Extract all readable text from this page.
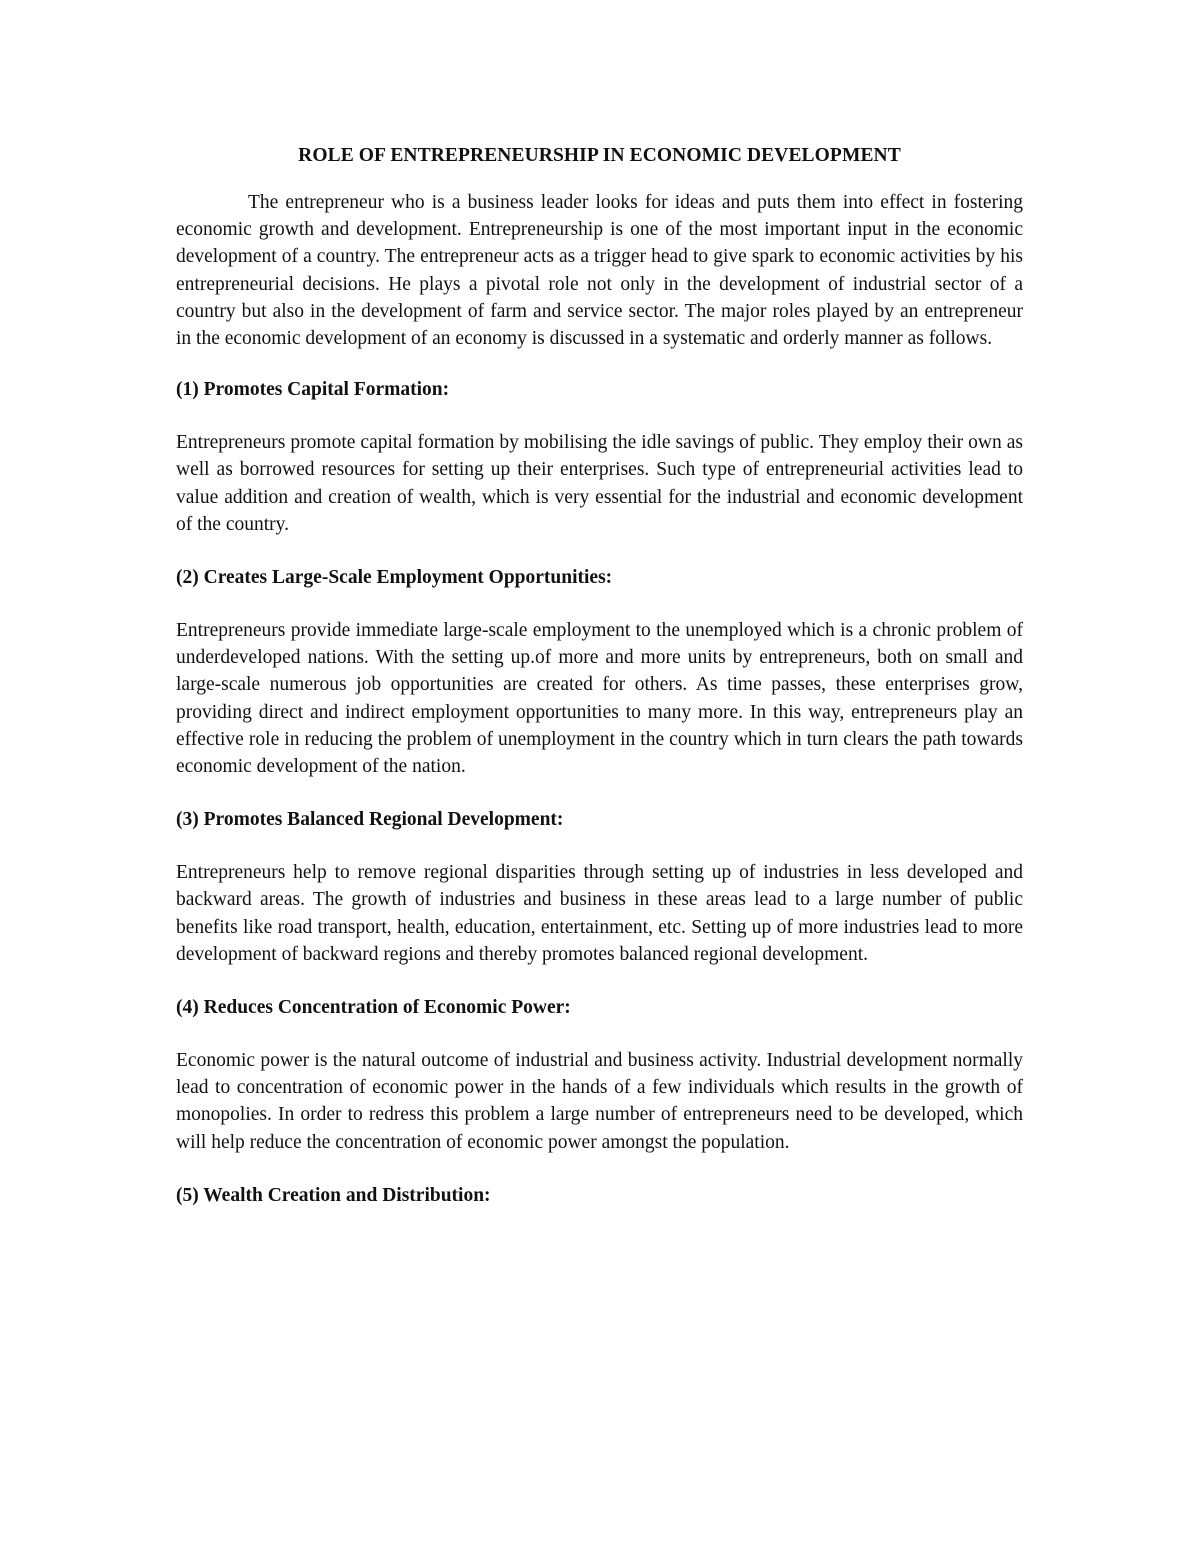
ROLE OF ENTREPRENEURSHIP IN ECONOMIC DEVELOPMENT

The entrepreneur who is a business leader looks for ideas and puts them into effect in fostering economic growth and development. Entrepreneurship is one of the most important input in the economic development of a country. The entrepreneur acts as a trigger head to give spark to economic activities by his entrepreneurial decisions. He plays a pivotal role not only in the development of industrial sector of a country but also in the development of farm and service sector. The major roles played by an entrepreneur in the economic development of an economy is discussed in a systematic and orderly manner as follows.

(1) Promotes Capital Formation:

Entrepreneurs promote capital formation by mobilising the idle savings of public. They employ their own as well as borrowed resources for setting up their enterprises. Such type of entrepreneurial activities lead to value addition and creation of wealth, which is very essential for the industrial and economic development of the country.

(2) Creates Large-Scale Employment Opportunities:

Entrepreneurs provide immediate large-scale employment to the unemployed which is a chronic problem of underdeveloped nations. With the setting up.of more and more units by entrepreneurs, both on small and large-scale numerous job opportunities are created for others. As time passes, these enterprises grow, providing direct and indirect employment opportunities to many more. In this way, entrepreneurs play an effective role in reducing the problem of unemployment in the country which in turn clears the path towards economic development of the nation.

(3) Promotes Balanced Regional Development:

Entrepreneurs help to remove regional disparities through setting up of industries in less developed and backward areas. The growth of industries and business in these areas lead to a large number of public benefits like road transport, health, education, entertainment, etc. Setting up of more industries lead to more development of backward regions and thereby promotes balanced regional development.

(4) Reduces Concentration of Economic Power:

Economic power is the natural outcome of industrial and business activity. Industrial development normally lead to concentration of economic power in the hands of a few individuals which results in the growth of monopolies. In order to redress this problem a large number of entrepreneurs need to be developed, which will help reduce the concentration of economic power amongst the population.

(5) Wealth Creation and Distribution:
